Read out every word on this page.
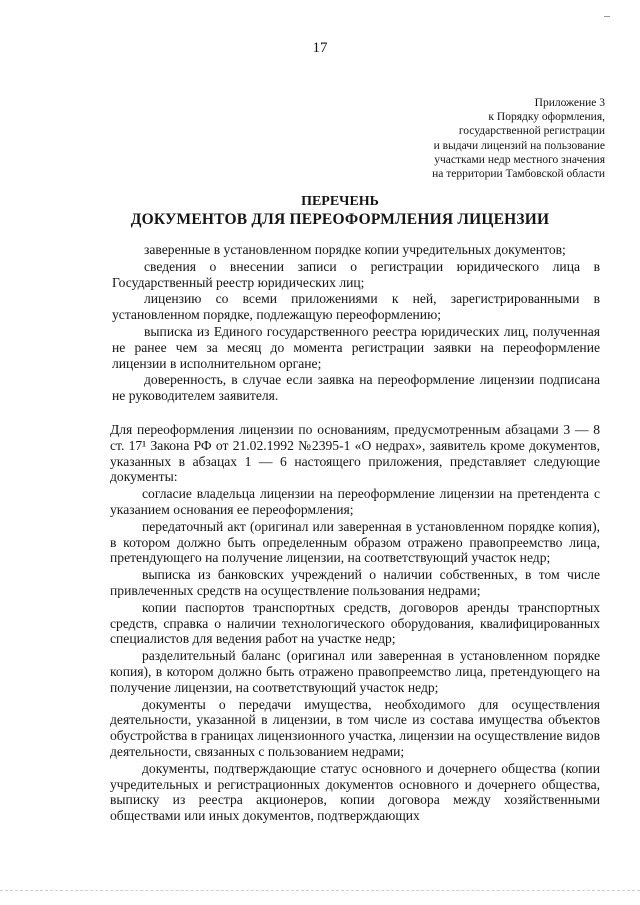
17
Приложение 3
к Порядку оформления,
государственной регистрации
и выдачи лицензий на пользование
участками недр местного значения
на территории Тамбовской области
ПЕРЕЧЕНЬ
ДОКУМЕНТОВ ДЛЯ ПЕРЕОФОРМЛЕНИЯ ЛИЦЕНЗИИ

заверенные в установленном порядке копии учредительных документов;

сведения о внесении записи о регистрации юридического лица в Государственный реестр юридических лиц;

лицензию со всеми приложениями к ней, зарегистрированными в установленном порядке, подлежащую переоформлению;

выписка из Единого государственного реестра юридических лиц, полученная не ранее чем за месяц до момента регистрации заявки на переоформление лицензии в исполнительном органе;

доверенность, в случае если заявка на переоформление лицензии подписана не руководителем заявителя.

Для переоформления лицензии по основаниям, предусмотренным абзацами 3 — 8 ст. 17¹ Закона РФ от 21.02.1992 №2395-1 «О недрах», заявитель кроме документов, указанных в абзацах 1 — 6 настоящего приложения, представляет следующие документы:

согласие владельца лицензии на переоформление лицензии на претендента с указанием основания ее переоформления;

передаточный акт (оригинал или заверенная в установленном порядке копия), в котором должно быть определенным образом отражено правопреемство лица, претендующего на получение лицензии, на соответствующий участок недр;

выписка из банковских учреждений о наличии собственных, в том числе привлеченных средств на осуществление пользования недрами;

копии паспортов транспортных средств, договоров аренды транспортных средств, справка о наличии технологического оборудования, квалифицированных специалистов для ведения работ на участке недр;

разделительный баланс (оригинал или заверенная в установленном порядке копия), в котором должно быть отражено правопреемство лица, претендующего на получение лицензии, на соответствующий участок недр;

документы о передачи имущества, необходимого для осуществления деятельности, указанной в лицензии, в том числе из состава имущества объектов обустройства в границах лицензионного участка, лицензии на осуществление видов деятельности, связанных с пользованием недрами;

документы, подтверждающие статус основного и дочернего общества (копии учредительных и регистрационных документов основного и дочернего общества, выписку из реестра акционеров, копии договора между хозяйственными обществами или иных документов, подтверждающих
